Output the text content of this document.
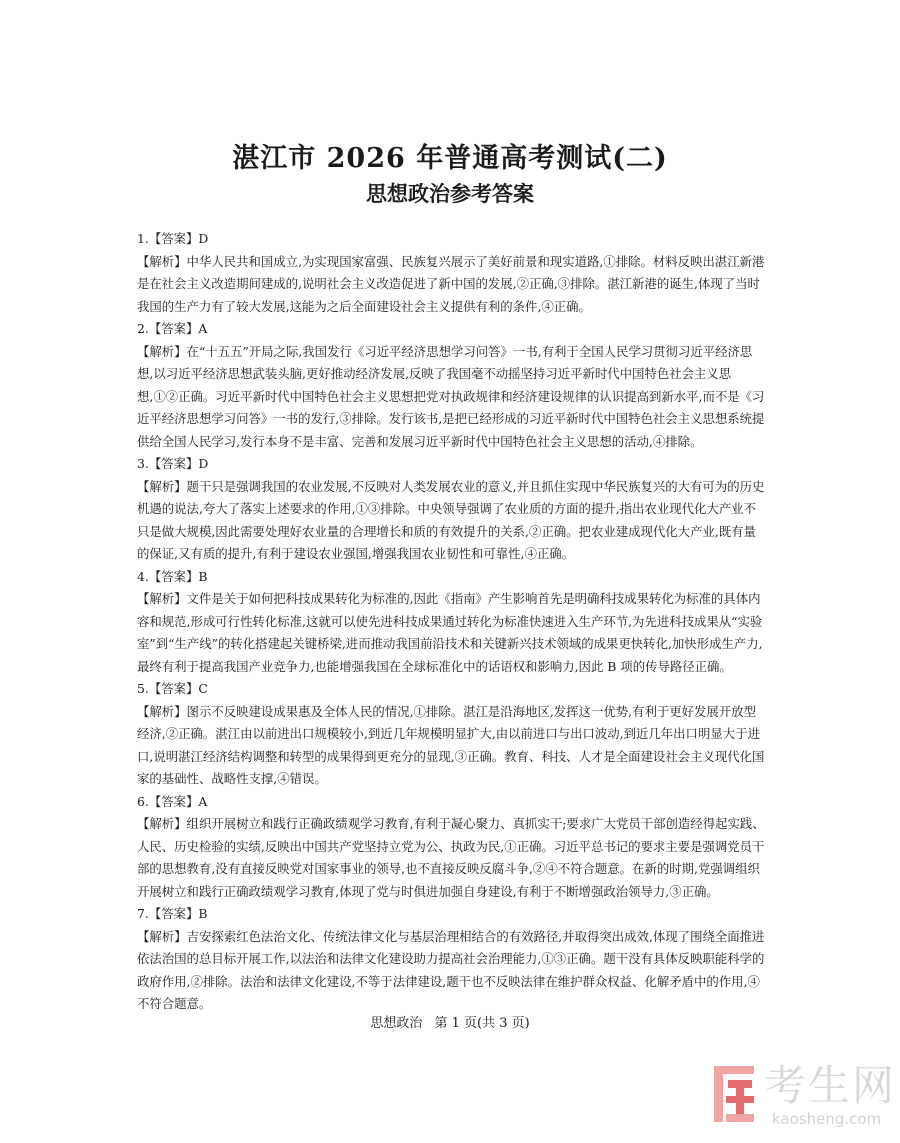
湛江市 2026 年普通高考测试(二)
思想政治参考答案
1.【答案】D
【解析】中华人民共和国成立,为实现国家富强、民族复兴展示了美好前景和现实道路,①排除。材料反映出湛江新港是在社会主义改造期间建成的,说明社会主义改造促进了新中国的发展,②正确,③排除。湛江新港的诞生,体现了当时我国的生产力有了较大发展,这能为之后全面建设社会主义提供有利的条件,④正确。
2.【答案】A
【解析】在“十五五”开局之际,我国发行《习近平经济思想学习问答》一书,有利于全国人民学习贯彻习近平经济思想,以习近平经济思想武装头脑,更好推动经济发展,反映了我国毫不动摇坚持习近平新时代中国特色社会主义思想,①②正确。习近平新时代中国特色社会主义思想把党对执政规律和经济建设规律的认识提高到新水平,而不是《习近平经济思想学习问答》一书的发行,③排除。发行该书,是把已经形成的习近平新时代中国特色社会主义思想系统提供给全国人民学习,发行本身不是丰富、完善和发展习近平新时代中国特色社会主义思想的活动,④排除。
3.【答案】D
【解析】题干只是强调我国的农业发展,不反映对人类发展农业的意义,并且抓住实现中华民族复兴的大有可为的历史机遇的说法,夸大了落实上述要求的作用,①③排除。中央领导强调了农业质的方面的提升,指出农业现代化大产业不只是做大规模,因此需要处理好农业量的合理增长和质的有效提升的关系,②正确。把农业建成现代化大产业,既有量的保证,又有质的提升,有利于建设农业强国,增强我国农业韧性和可靠性,④正确。
4.【答案】B
【解析】文件是关于如何把科技成果转化为标准的,因此《指南》产生影响首先是明确科技成果转化为标准的具体内容和规范,形成可行性转化标准,这就可以使先进科技成果通过转化为标准快速进入生产环节,为先进科技成果从“实验室”到“生产线”的转化搭建起关键桥梁,进而推动我国前沿技术和关键新兴技术领域的成果更快转化,加快形成生产力,最终有利于提高我国产业竞争力,也能增强我国在全球标准化中的话语权和影响力,因此 B 项的传导路径正确。
5.【答案】C
【解析】图示不反映建设成果惠及全体人民的情况,①排除。湛江是沿海地区,发挥这一优势,有利于更好发展开放型经济,②正确。湛江由以前进出口规模较小,到近几年规模明显扩大,由以前进口与出口波动,到近几年出口明显大于进口,说明湛江经济结构调整和转型的成果得到更充分的显现,③正确。教育、科技、人才是全面建设社会主义现代化国家的基础性、战略性支撑,④错误。
6.【答案】A
【解析】组织开展树立和践行正确政绩观学习教育,有利于凝心聚力、真抓实干;要求广大党员干部创造经得起实践、人民、历史检验的实绩,反映出中国共产党坚持立党为公、执政为民,①正确。习近平总书记的要求主要是强调党员干部的思想教育,没有直接反映党对国家事业的领导,也不直接反映反腐斗争,②④不符合题意。在新的时期,党强调组织开展树立和践行正确政绩观学习教育,体现了党与时俱进加强自身建设,有利于不断增强政治领导力,③正确。
7.【答案】B
【解析】吉安探索红色法治文化、传统法律文化与基层治理相结合的有效路径,并取得突出成效,体现了围绕全面推进依法治国的总目标开展工作,以法治和法律文化建设助力提高社会治理能力,①③正确。题干没有具体反映职能科学的政府作用,②排除。法治和法律文化建设,不等于法律建设,题干也不反映法律在维护群众权益、化解矛盾中的作用,④不符合题意。
思想政治 第 1 页(共 3 页)
考生网
kaosheng.com
